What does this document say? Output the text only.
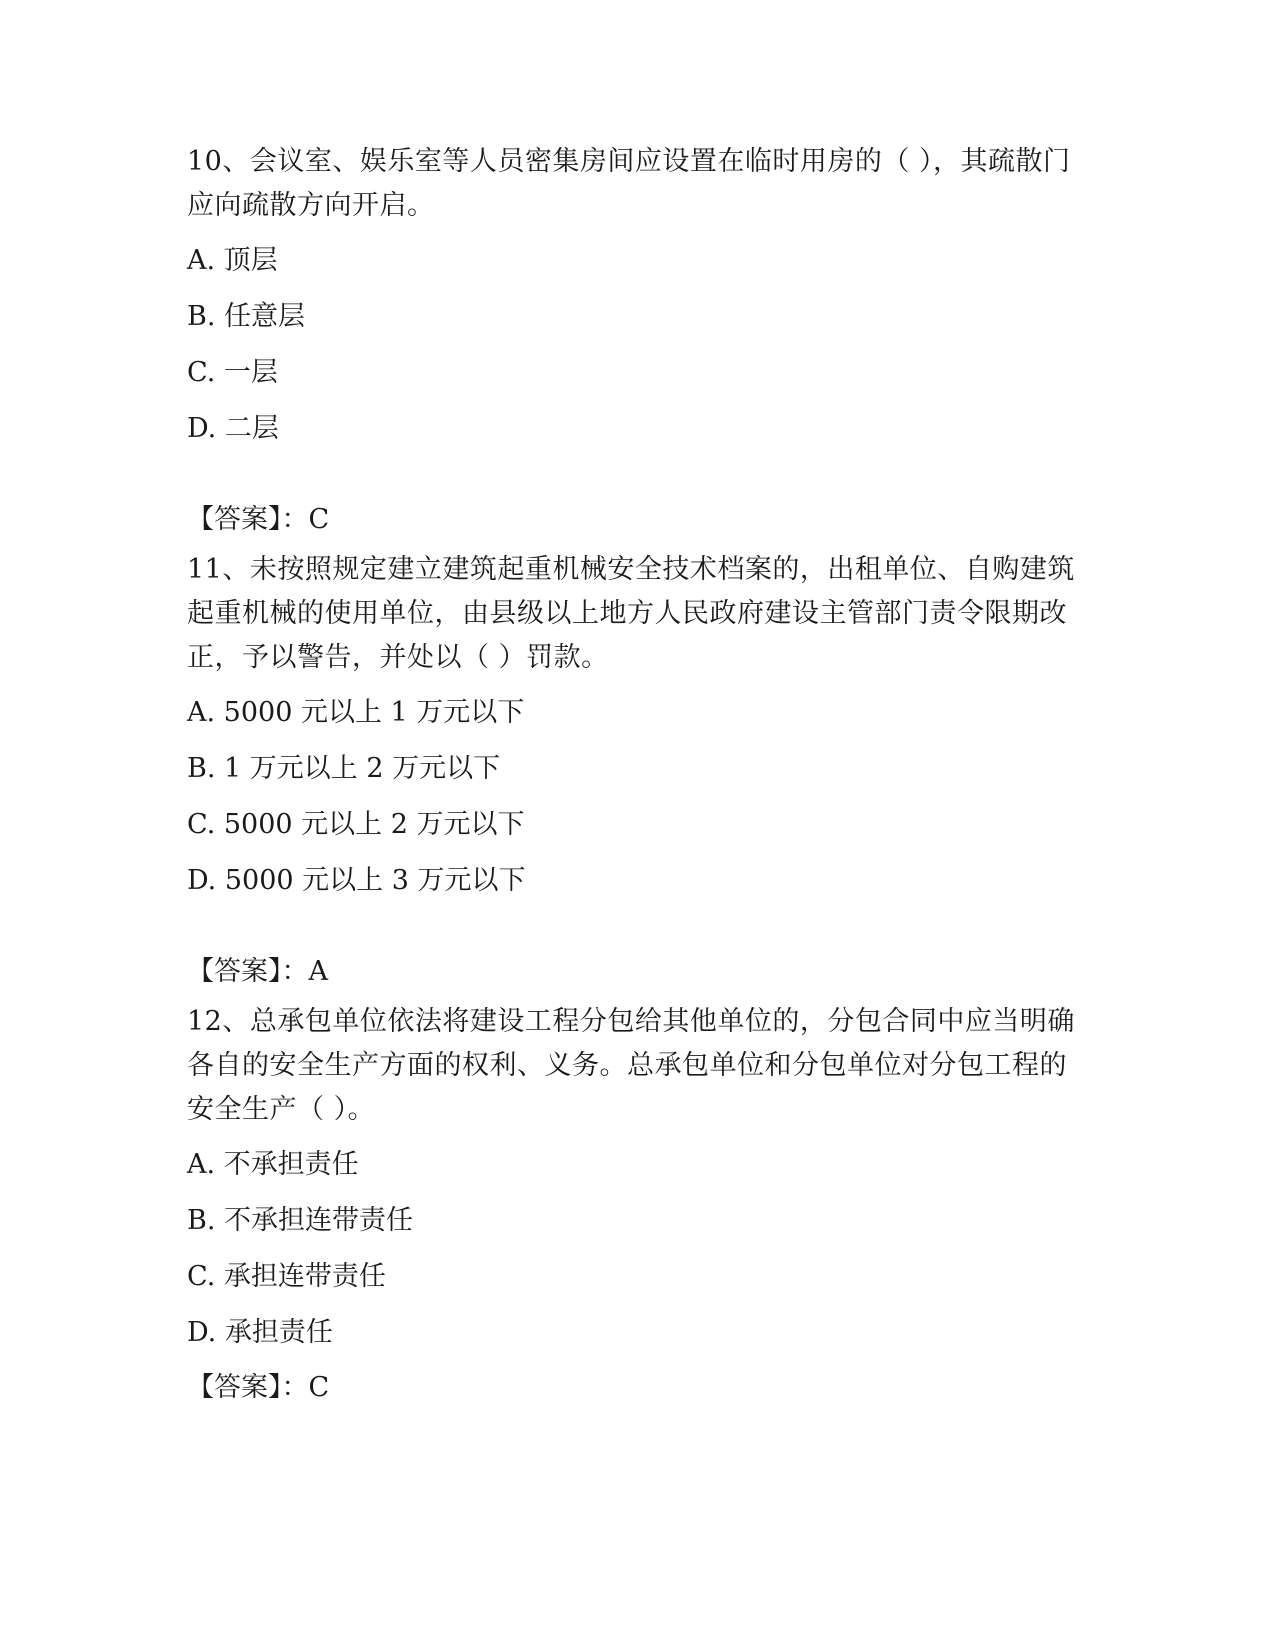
10、会议室、娱乐室等人员密集房间应设置在临时用房的（ ），其疏散门应向疏散方向开启。

A. 顶层

B. 任意层

C. 一层

D. 二层

【答案】：C

11、未按照规定建立建筑起重机械安全技术档案的，出租单位、自购建筑起重机械的使用单位，由县级以上地方人民政府建设主管部门责令限期改正，予以警告，并处以（ ）罚款。

A. 5000 元以上 1 万元以下

B. 1 万元以上 2 万元以下

C. 5000 元以上 2 万元以下

D. 5000 元以上 3 万元以下

【答案】：A

12、总承包单位依法将建设工程分包给其他单位的，分包合同中应当明确各自的安全生产方面的权利、义务。总承包单位和分包单位对分包工程的安全生产（ ）。

A. 不承担责任

B. 不承担连带责任

C. 承担连带责任

D. 承担责任

【答案】：C
